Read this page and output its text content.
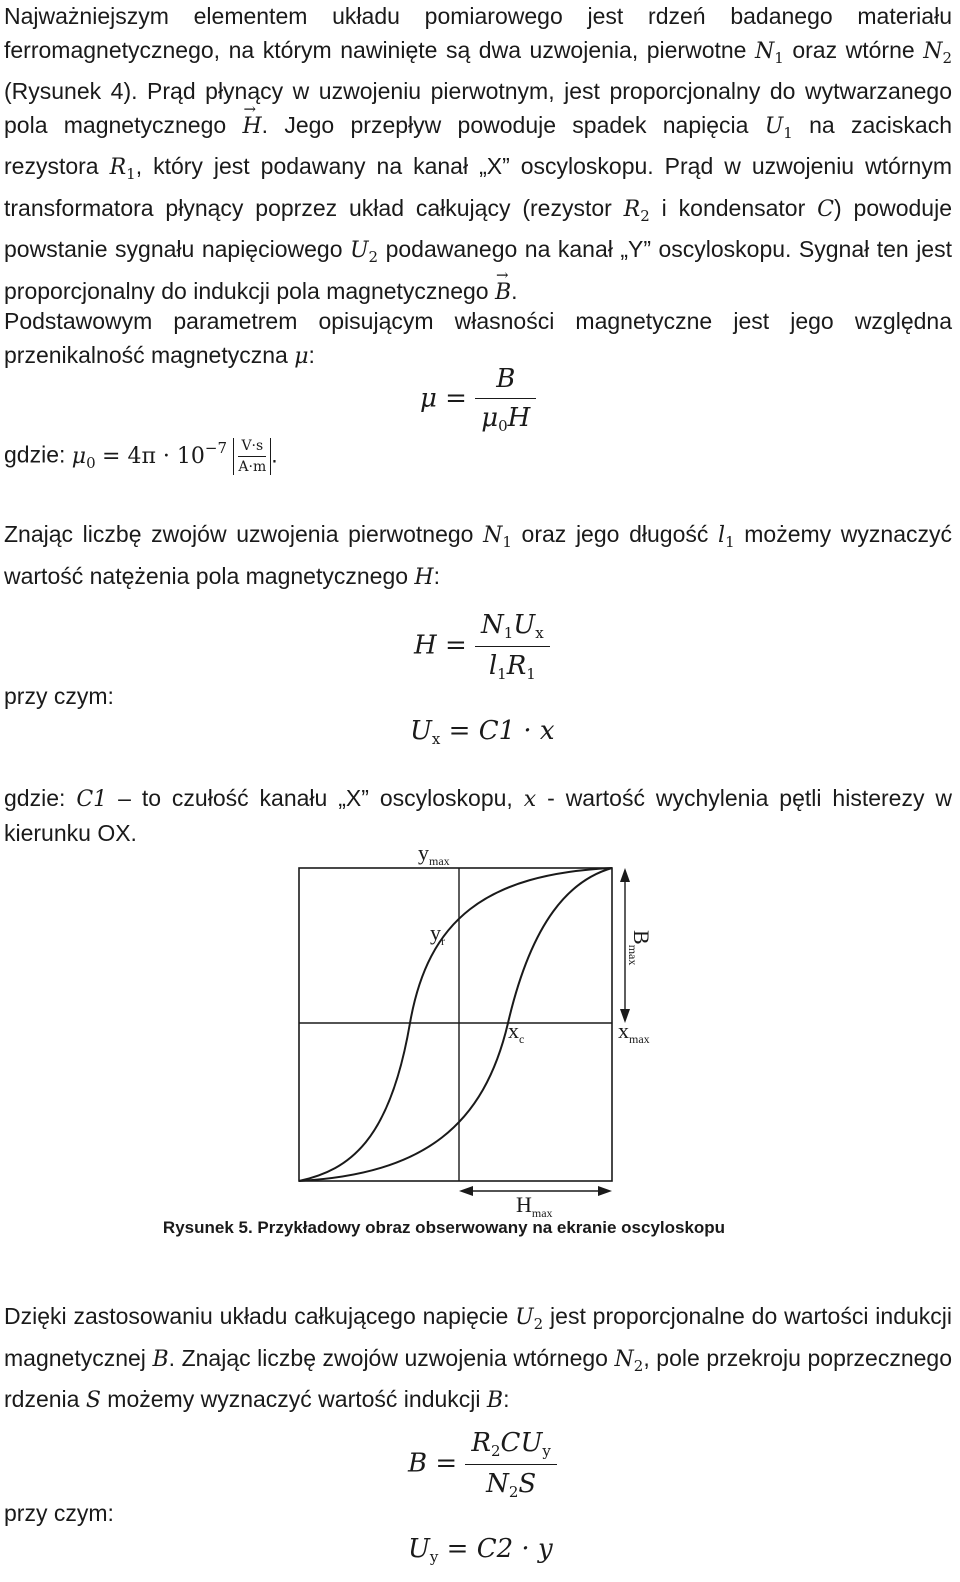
Najważniejszym elementem układu pomiarowego jest rdzeń badanego materiału ferromagnetycznego, na którym nawinięte są dwa uzwojenia, pierwotne $N_1$ oraz wtórne $N_2$ (Rysunek 4). Prąd płynący w uzwojeniu pierwotnym, jest proporcjonalny do wytwarzanego pola magnetycznego → H. Jego przepływ powoduje spadek napięcia $U_1$ na zaciskach rezystora $R_1$, który jest podawany na kanał „X” oscyloskopu. Prąd w uzwojeniu wtórnym transformatora płynący poprzez układ całkujący (rezystor $R_2$ i kondensator C) powoduje powstanie sygnału napięciowego $U_2$ podawanego na kanał „Y” oscyloskopu. Sygnał ten jest proporcjonalny do indukcji pola magnetycznego → B.

Podstawowym parametrem opisującym własności magnetyczne jest jego względna przenikalność magnetyczna μ:

$\mu = \frac{B}{\mu_0H}$
gdzie: $\mu_0 = 4\pi \cdot 10^{-7} \frac{V\cdot s}{A\cdot m}$ .

Znając liczbę zwojów uzwojenia pierwotnego $N_1$ oraz jego długość $l_1$ możemy wyznaczyć wartość natężenia pola magnetycznego H:

$H = \frac{N_1U_x}{l_1R_1}$
przy czym:
$U_x = C1 \cdot x$

gdzie: C1 – to czułość kanału „X” oscyloskopu, x - wartość wychylenia pętli histerezy w kierunku OX.

$y_{max}$
$y_r$
$x_c$	$x_{max}$
$B_{max}$
$H_{max}$
Rysunek 5. Przykładowy obraz obserwowany na ekranie oscyloskopu

Dzięki zastosowaniu układu całkującego napięcie $U_2$ jest proporcjonalne do wartości indukcji magnetycznej B. Znając liczbę zwojów uzwojenia wtórnego $N_2$, pole przekroju poprzecznego rdzenia S możemy wyznaczyć wartość indukcji B:

$B = \frac{R_2CU_y}{N_2S}$
przy czym:
$U_y = C2 \cdot y$
